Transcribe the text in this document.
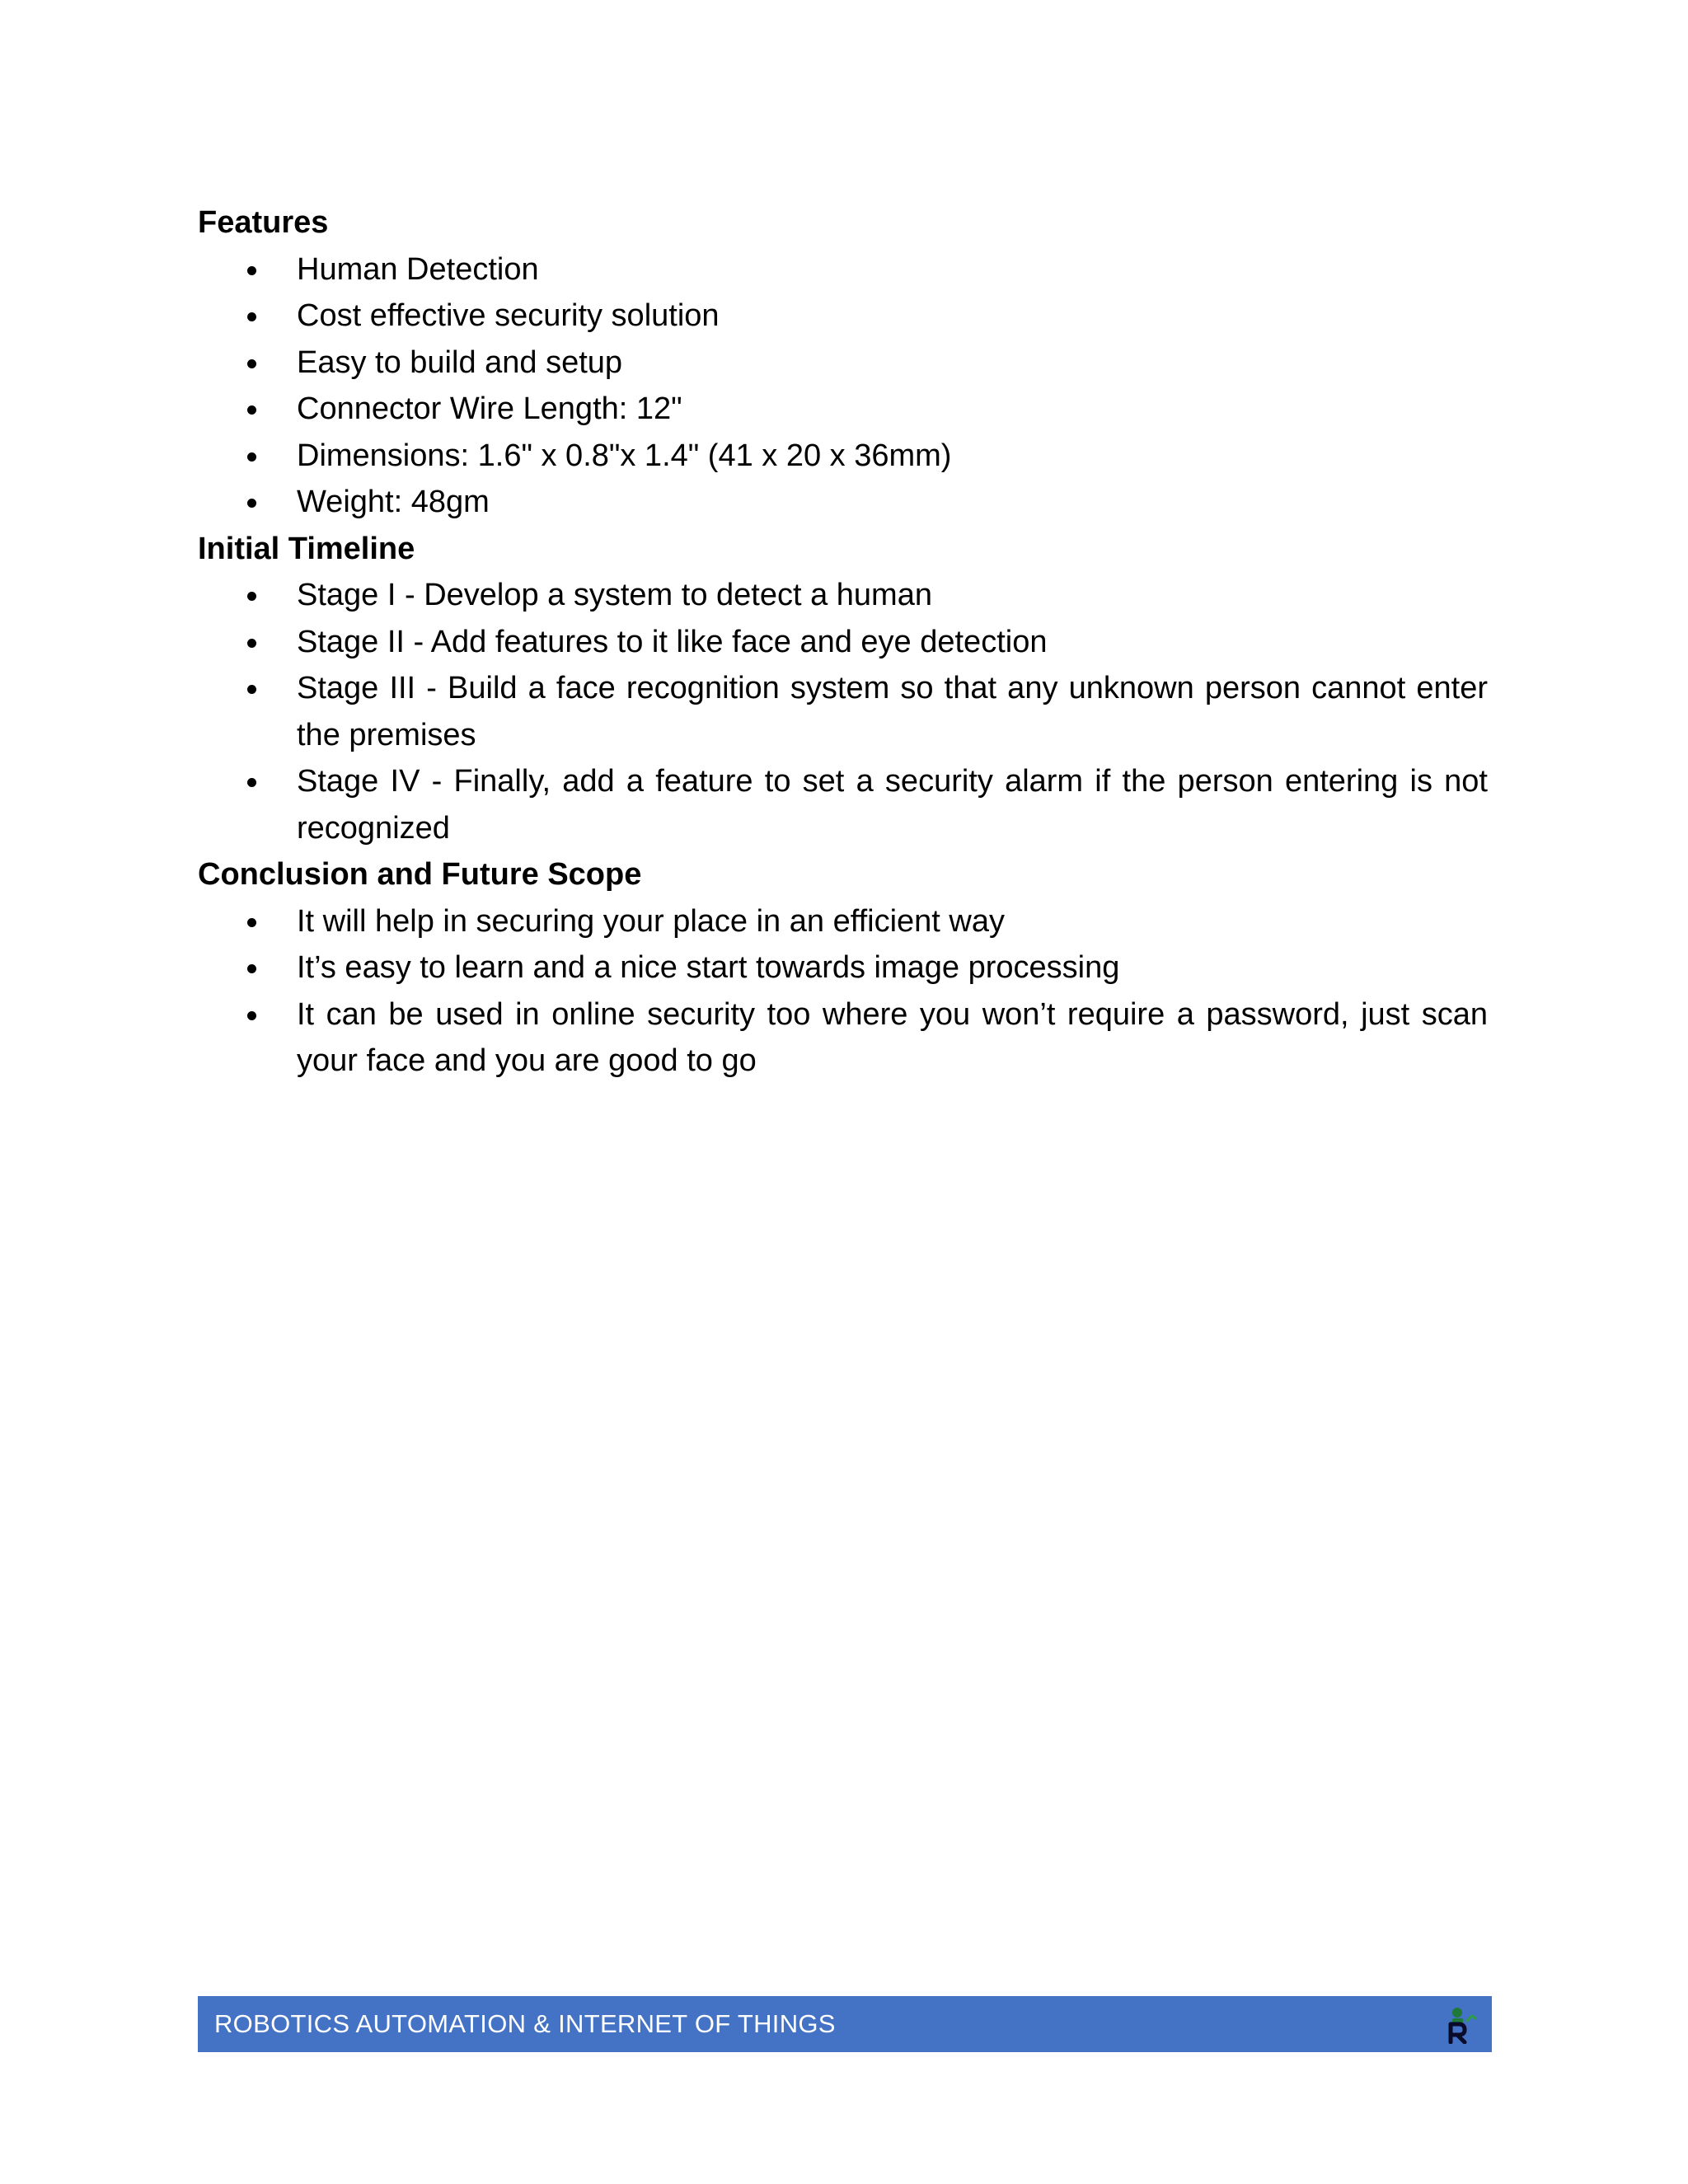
Features
Human Detection
Cost effective security solution
Easy to build and setup
Connector Wire Length: 12"
Dimensions: 1.6" x 0.8"x 1.4" (41 x 20 x 36mm)
Weight: 48gm
Initial Timeline
Stage I - Develop a system to detect a human
Stage II - Add features to it like face and eye detection
Stage III - Build a face recognition system so that any unknown person cannot enter the premises
Stage IV - Finally, add a feature to set a security alarm if the person entering is not recognized
Conclusion and Future Scope
It will help in securing your place in an efficient way
It’s easy to learn and a nice start towards image processing
It can be used in online security too where you won’t require a password, just scan your face and you are good to go
ROBOTICS AUTOMATION & INTERNET OF THINGS
